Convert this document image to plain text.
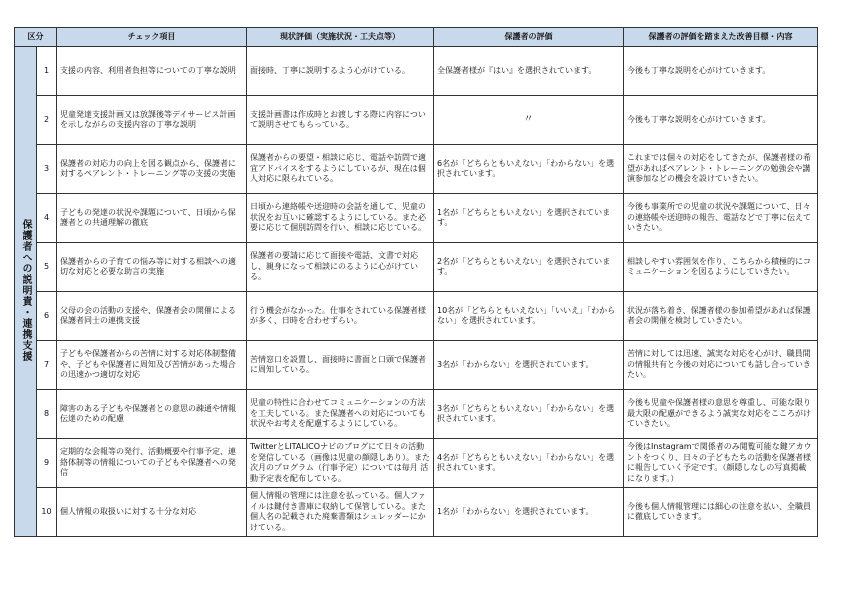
区分		チェック項目	現状評価（実施状況・工夫点等）	保護者の評価	保護者の評価を踏まえた改善目標・内容
保護者への説明責・連携支援	1	支援の内容、利用者負担等についての丁寧な説明	面接時、丁寧に説明するよう心がけている。	全保護者様が『はい』を選択されています。	今後も丁寧な説明を心がけていきます。
	2	児童発達支援計画又は放課後等デイサービス計画を示しながらの支援内容の丁寧な説明	支援計画書は作成時とお渡しする際に内容について説明させてもらっている。	〃	今後も丁寧な説明を心がけていきます。
	3	保護者の対応力の向上を図る観点から、保護者に対するペアレント・トレーニング等の支援の実施	保護者からの要望・相談に応じ、電話や訪問で適宜アドバイスをするようにしているが、現在は個人対応に限られている。	6名が「どちらともいえない」「わからない」を選択されています。	これまでは個々の対応をしてきたが、保護者様の希望があればペアレント・トレーニングの勉強会や講演参加などの機会を設けていきたい。
	4	子どもの発達の状況や課題について、日頃から保護者との共通理解の徹底	日頃から連絡帳や送迎時の会話を通して、児童の状況をお互いに確認するようにしている。また必要に応じて個別訪問を行い、相談に応じている。	1名が「どちらともいえない」を選択されています。	今後も事業所での児童の状況や課題について、日々の連絡帳や送迎時の報告、電話などで丁寧に伝えていきたい。
	5	保護者からの子育ての悩み等に対する相談への適切な対応と必要な助言の実施	保護者の要請に応じて面接や電話、文書で対応し、親身になって相談にのるように心がけている。	2名が「どちらともいえない」を選択されています。	相談しやすい雰囲気を作り、こちらから積極的にコミュニケーションを図るようにしていきたい。
	6	父母の会の活動の支援や、保護者会の開催による保護者同士の連携支援	行う機会がなかった。仕事をされている保護者様が多く、日時を合わせずらい。	10名が「どちらともいえない」「いいえ」「わからない」を選択されています。	状況が落ち着き、保護者様の参加希望があれば保護者会の開催を検討していきたい。
	7	子どもや保護者からの苦情に対する対応体制整備や、子どもや保護者に周知及び苦情があった場合の迅速かつ適切な対応	苦情窓口を設置し、面接時に書面と口頭で保護者に周知している。	3名が「わからない」を選択されています。	苦情に対しては迅速、誠実な対応を心がけ、職員間の情報共有と今後の対応についても話し合っていきたい。
	8	障害のある子どもや保護者との意思の疎通や情報伝達のための配慮	児童の特性に合わせてコミュニケーションの方法を工夫している。また保護者への対応についても状況やお考えを配慮するようにしている。	3名が「どちらともいえない」「わからない」を選択されています。	今後も児童や保護者様の意思を尊重し、可能な限り最大限の配慮ができるよう誠実な対応をこころがけていきたい。
	9	定期的な会報等の発行、活動概要や行事予定、連絡体制等の情報についての子どもや保護者への発信	TwitterとLITALICOナビのブログにて日々の活動を発信している（画像は児童の顔隠しあり）。また次月のプログラム（行事予定）については毎月 活動予定表を配布している。	4名が「どちらともいえない」「わからない」を選択されています。	今後はInstagramで関係者のみ閲覧可能な鍵アカウントをつくり、日々の子どもたちの活動を保護者様に報告していく予定です。（顔隠しなしの写真掲載になります。）
	10	個人情報の取扱いに対する十分な対応	個人情報の管理には注意を払っている。個人ファイルは鍵付き書庫に収納して保管している。また個人名の記載された廃棄書類はシュレッダーにかけている。	1名が「わからない」を選択されています。	今後も個人情報管理には細心の注意を払い、全職員に徹底していきます。
